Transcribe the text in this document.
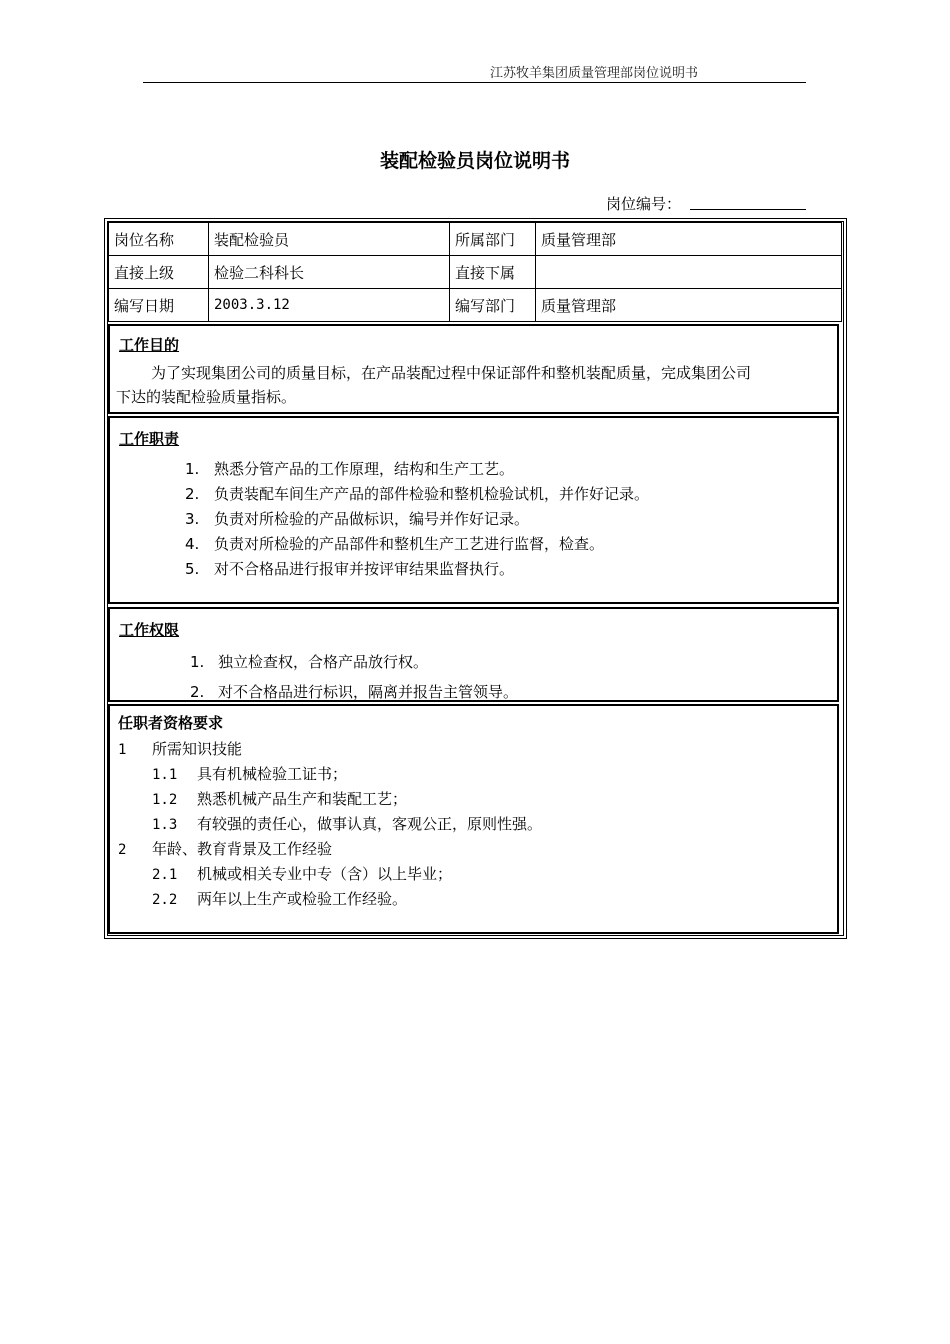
江苏牧羊集团质量管理部岗位说明书
装配检验员岗位说明书
岗位编号：
岗位名称	装配检验员	所属部门	质量管理部
直接上级	检验二科科长	直接下属	
编写日期	2003.3.12	编写部门	质量管理部
工作目的
为了实现集团公司的质量目标，在产品装配过程中保证部件和整机装配质量，完成集团公司
下达的装配检验质量指标。
工作职责
1. 熟悉分管产品的工作原理，结构和生产工艺。
2. 负责装配车间生产产品的部件检验和整机检验试机，并作好记录。
3. 负责对所检验的产品做标识，编号并作好记录。
4. 负责对所检验的产品部件和整机生产工艺进行监督，检查。
5. 对不合格品进行报审并按评审结果监督执行。
工作权限
1. 独立检查权，合格产品放行权。
2. 对不合格品进行标识，隔离并报告主管领导。
任职者资格要求
1 所需知识技能
1.1 具有机械检验工证书；
1.2 熟悉机械产品生产和装配工艺；
1.3 有较强的责任心，做事认真，客观公正，原则性强。
2 年龄、教育背景及工作经验
2.1 机械或相关专业中专（含）以上毕业；
2.2 两年以上生产或检验工作经验。
